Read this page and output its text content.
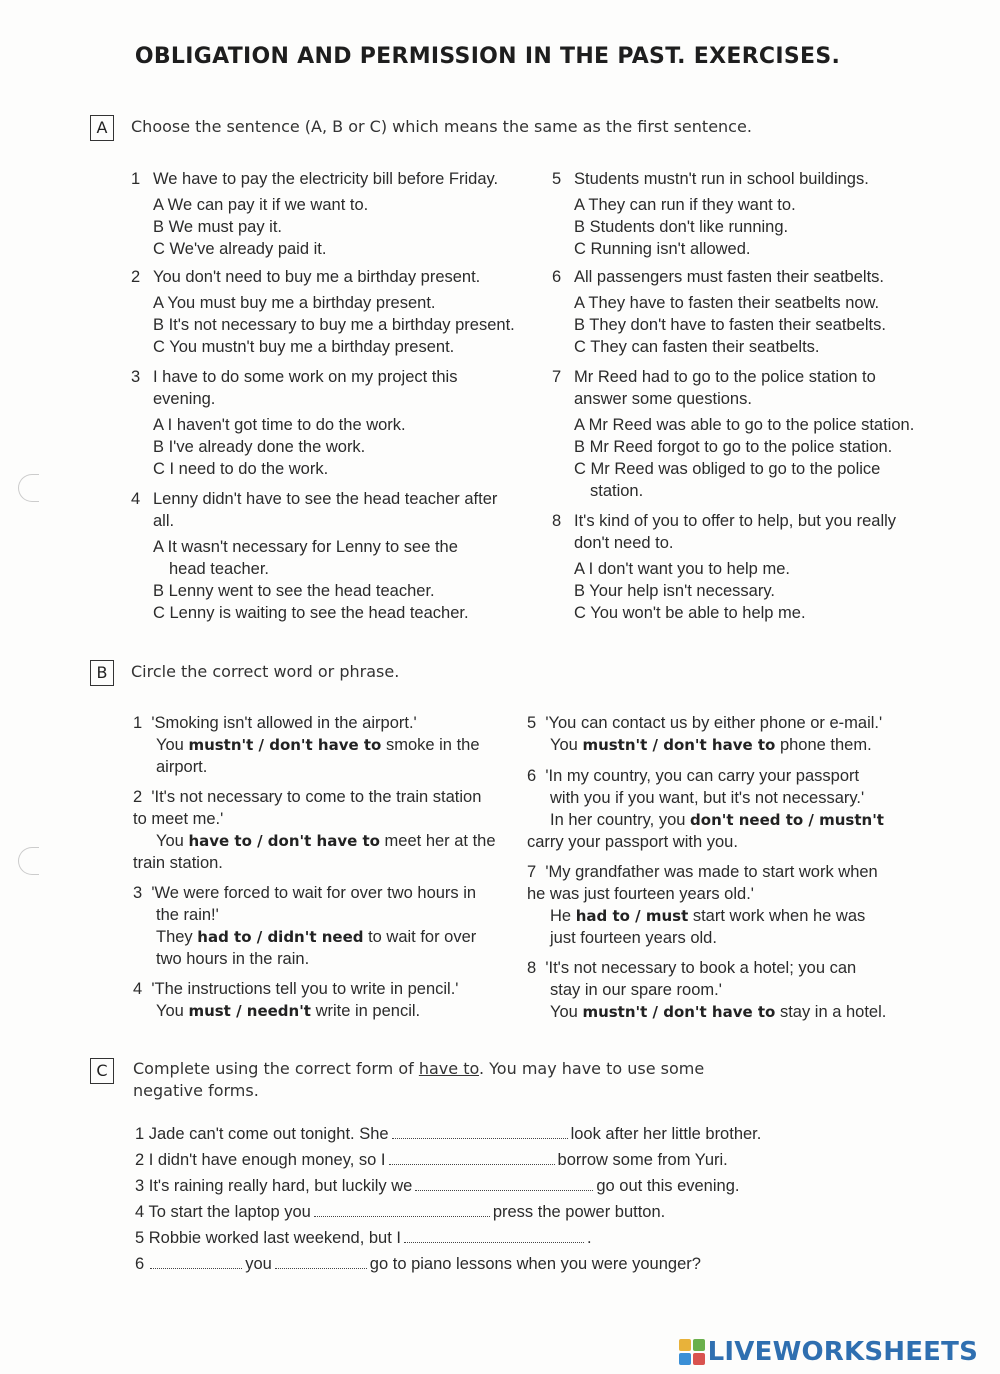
OBLIGATION AND PERMISSION IN THE PAST. EXERCISES.
A	Choose the sentence (A, B or C) which means the same as the first sentence.
1 We have to pay the electricity bill before Friday.
A We can pay it if we want to.
B We must pay it.
C We've already paid it.
2 You don't need to buy me a birthday present.
A You must buy me a birthday present.
B It's not necessary to buy me a birthday present.
C You mustn't buy me a birthday present.
3 I have to do some work on my project this
evening.
A I haven't got time to do the work.
B I've already done the work.
C I need to do the work.
4 Lenny didn't have to see the head teacher after
all.
A It wasn't necessary for Lenny to see the
head teacher.
B Lenny went to see the head teacher.
C Lenny is waiting to see the head teacher.
5 Students mustn't run in school buildings.
A They can run if they want to.
B Students don't like running.
C Running isn't allowed.
6 All passengers must fasten their seatbelts.
A They have to fasten their seatbelts now.
B They don't have to fasten their seatbelts.
C They can fasten their seatbelts.
7 Mr Reed had to go to the police station to
answer some questions.
A Mr Reed was able to go to the police station.
B Mr Reed forgot to go to the police station.
C Mr Reed was obliged to go to the police
station.
8 It's kind of you to offer to help, but you really
don't need to.
A I don't want you to help me.
B Your help isn't necessary.
C You won't be able to help me.
B	Circle the correct word or phrase.
1 'Smoking isn't allowed in the airport.'
You mustn't / don't have to smoke in the
airport.
2 'It's not necessary to come to the train station
to meet me.'
You have to / don't have to meet her at the
train station.
3 'We were forced to wait for over two hours in
the rain!'
They had to / didn't need to wait for over
two hours in the rain.
4 'The instructions tell you to write in pencil.'
You must / needn't write in pencil.
5 'You can contact us by either phone or e-mail.'
You mustn't / don't have to phone them.
6 'In my country, you can carry your passport
with you if you want, but it's not necessary.'
In her country, you don't need to / mustn't
carry your passport with you.
7 'My grandfather was made to start work when
he was just fourteen years old.'
He had to / must start work when he was
just fourteen years old.
8 'It's not necessary to book a hotel; you can
stay in our spare room.'
You mustn't / don't have to stay in a hotel.
C	Complete using the correct form of have to. You may have to use some
negative forms.
1 Jade can't come out tonight. She	look after her little brother.
2 I didn't have enough money, so I	borrow some from Yuri.
3 It's raining really hard, but luckily we	go out this evening.
4 To start the laptop you	press the power button.
5 Robbie worked last weekend, but I	.
6	you	go to piano lessons when you were younger?
LIVEWORKSHEETS
